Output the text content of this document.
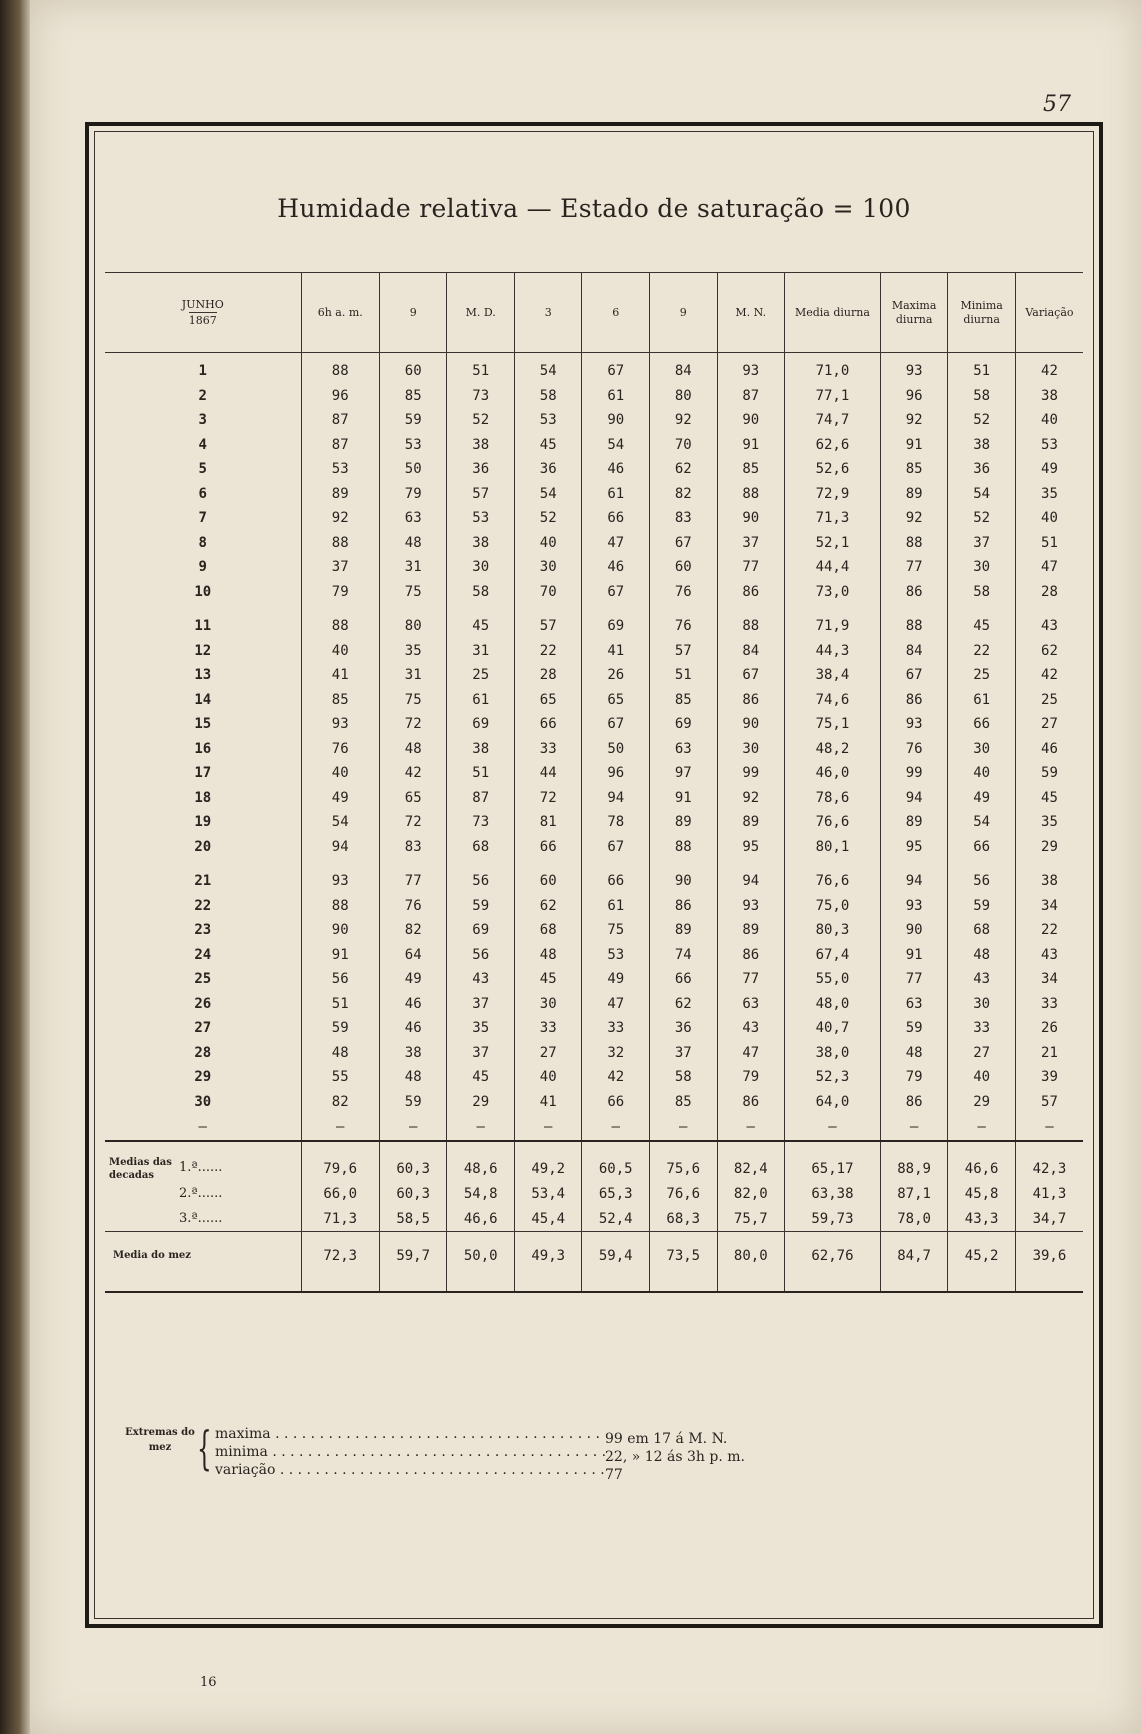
57
Humidade relativa — Estado de saturação = 100
JUNHO
1867	6h a. m.	9	M. D.	3	6	9	M. N.	Media diurna	Maxima diurna	Minima diurna	Variação
1	88	60	51	54	67	84	93	71,0	93	51	42
2	96	85	73	58	61	80	87	77,1	96	58	38
3	87	59	52	53	90	92	90	74,7	92	52	40
4	87	53	38	45	54	70	91	62,6	91	38	53
5	53	50	36	36	46	62	85	52,6	85	36	49
6	89	79	57	54	61	82	88	72,9	89	54	35
7	92	63	53	52	66	83	90	71,3	92	52	40
8	88	48	38	40	47	67	37	52,1	88	37	51
9	37	31	30	30	46	60	77	44,4	77	30	47
10	79	75	58	70	67	76	86	73,0	86	58	28

11	88	80	45	57	69	76	88	71,9	88	45	43
12	40	35	31	22	41	57	84	44,3	84	22	62
13	41	31	25	28	26	51	67	38,4	67	25	42
14	85	75	61	65	65	85	86	74,6	86	61	25
15	93	72	69	66	67	69	90	75,1	93	66	27
16	76	48	38	33	50	63	30	48,2	76	30	46
17	40	42	51	44	96	97	99	46,0	99	40	59
18	49	65	87	72	94	91	92	78,6	94	49	45
19	54	72	73	81	78	89	89	76,6	89	54	35
20	94	83	68	66	67	88	95	80,1	95	66	29

21	93	77	56	60	66	90	94	76,6	94	56	38
22	88	76	59	62	61	86	93	75,0	93	59	34
23	90	82	69	68	75	89	89	80,3	90	68	22
24	91	64	56	48	53	74	86	67,4	91	48	43
25	56	49	43	45	49	66	77	55,0	77	43	34
26	51	46	37	30	47	62	63	48,0	63	30	33
27	59	46	35	33	33	36	43	40,7	59	33	26
28	48	38	37	27	32	37	47	38,0	48	27	21
29	55	48	45	40	42	58	79	52,3	79	40	39
30	82	59	29	41	66	85	86	64,0	86	29	57
—	—	—	—	—	—	—	—	—	—	—	—

Medias das decadas1.ª......	79,6	60,3	48,6	49,2	60,5	75,6	82,4	65,17	88,9	46,6	42,3
2.ª......	66,0	60,3	54,8	53,4	65,3	76,6	82,0	63,38	87,1	45,8	41,3
3.ª......	71,3	58,5	46,6	45,4	52,4	68,3	75,7	59,73	78,0	43,3	34,7

Media do mez	72,3	59,7	50,0	49,3	59,4	73,5	80,0	62,76	84,7	45,2	39,6

Extremas do mez { maxima . . .	99 em 17 á M. N.
minima . . .	22, » 12 ás 3h p. m.
variação . . .	77
16
